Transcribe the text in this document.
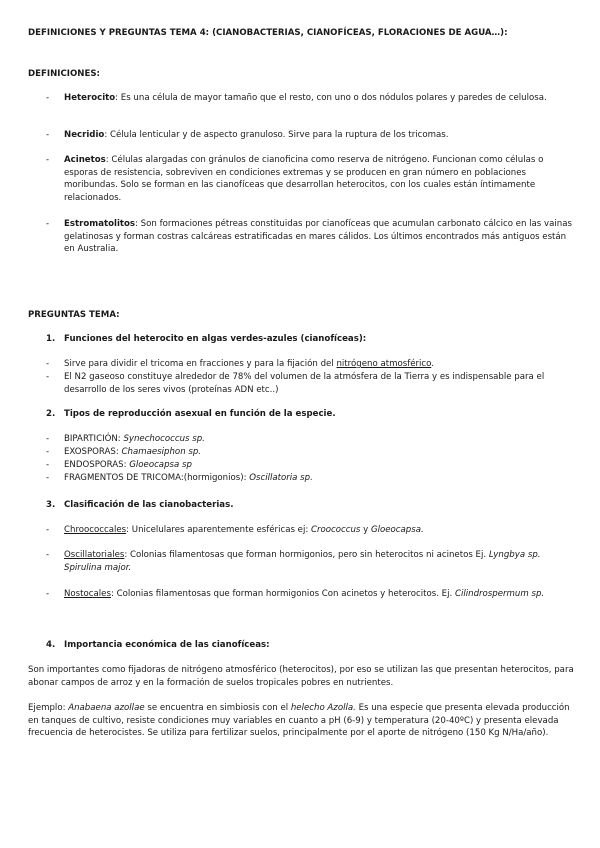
DEFINICIONES Y PREGUNTAS TEMA 4: (CIANOBACTERIAS, CIANOFÍCEAS, FLORACIONES DE AGUA…):
DEFINICIONES:
- Heterocito: Es una célula de mayor tamaño que el resto, con uno o dos nódulos polares y paredes de celulosa.
- Necridio: Célula lenticular y de aspecto granuloso. Sirve para la ruptura de los tricomas.
- Acinetos: Células alargadas con gránulos de cianoficina como reserva de nitrógeno. Funcionan como células o esporas de resistencia, sobreviven en condiciones extremas y se producen en gran número en poblaciones moribundas. Solo se forman en las cianofíceas que desarrollan heterocitos, con los cuales están íntimamente relacionados.
- Estromatolitos: Son formaciones pétreas constituidas por cianofíceas que acumulan carbonato cálcico en las vainas gelatinosas y forman costras calcáreas estratificadas en mares cálidos. Los últimos encontrados más antiguos están en Australia.
PREGUNTAS TEMA:
1. Funciones del heterocito en algas verdes-azules (cianofíceas):
- Sirve para dividir el tricoma en fracciones y para la fijación del nitrógeno atmosférico.
- El N2 gaseoso constituye alrededor de 78% del volumen de la atmósfera de la Tierra y es indispensable para el desarrollo de los seres vivos (proteínas ADN etc..)
2. Tipos de reproducción asexual en función de la especie.
- BIPARTICIÓN: Synechococcus sp.
- EXOSPORAS: Chamaesiphon sp.
- ENDOSPORAS: Gloeocapsa sp
- FRAGMENTOS DE TRICOMA:(hormigonios): Oscillatoria sp.
3. Clasificación de las cianobacterias.
- Chroococcales: Unicelulares aparentemente esféricas ej: Croococcus y Gloeocapsa.
- Oscillatoriales: Colonias filamentosas que forman hormigonios, pero sin heterocitos ni acinetos Ej. Lyngbya sp. Spirulina major.
- Nostocales: Colonias filamentosas que forman hormigonios Con acinetos y heterocitos. Ej. Cilindrospermum sp.
4. Importancia económica de las cianofíceas:
Son importantes como fijadoras de nitrógeno atmosférico (heterocitos), por eso se utilizan las que presentan heterocitos, para abonar campos de arroz y en la formación de suelos tropicales pobres en nutrientes.
Ejemplo: Anabaena azollae se encuentra en simbiosis con el helecho Azolla. Es una especie que presenta elevada producción en tanques de cultivo, resiste condiciones muy variables en cuanto a pH (6-9) y temperatura (20-40ºC) y presenta elevada frecuencia de heterocistes. Se utiliza para fertilizar suelos, principalmente por el aporte de nitrógeno (150 Kg N/Ha/año).
